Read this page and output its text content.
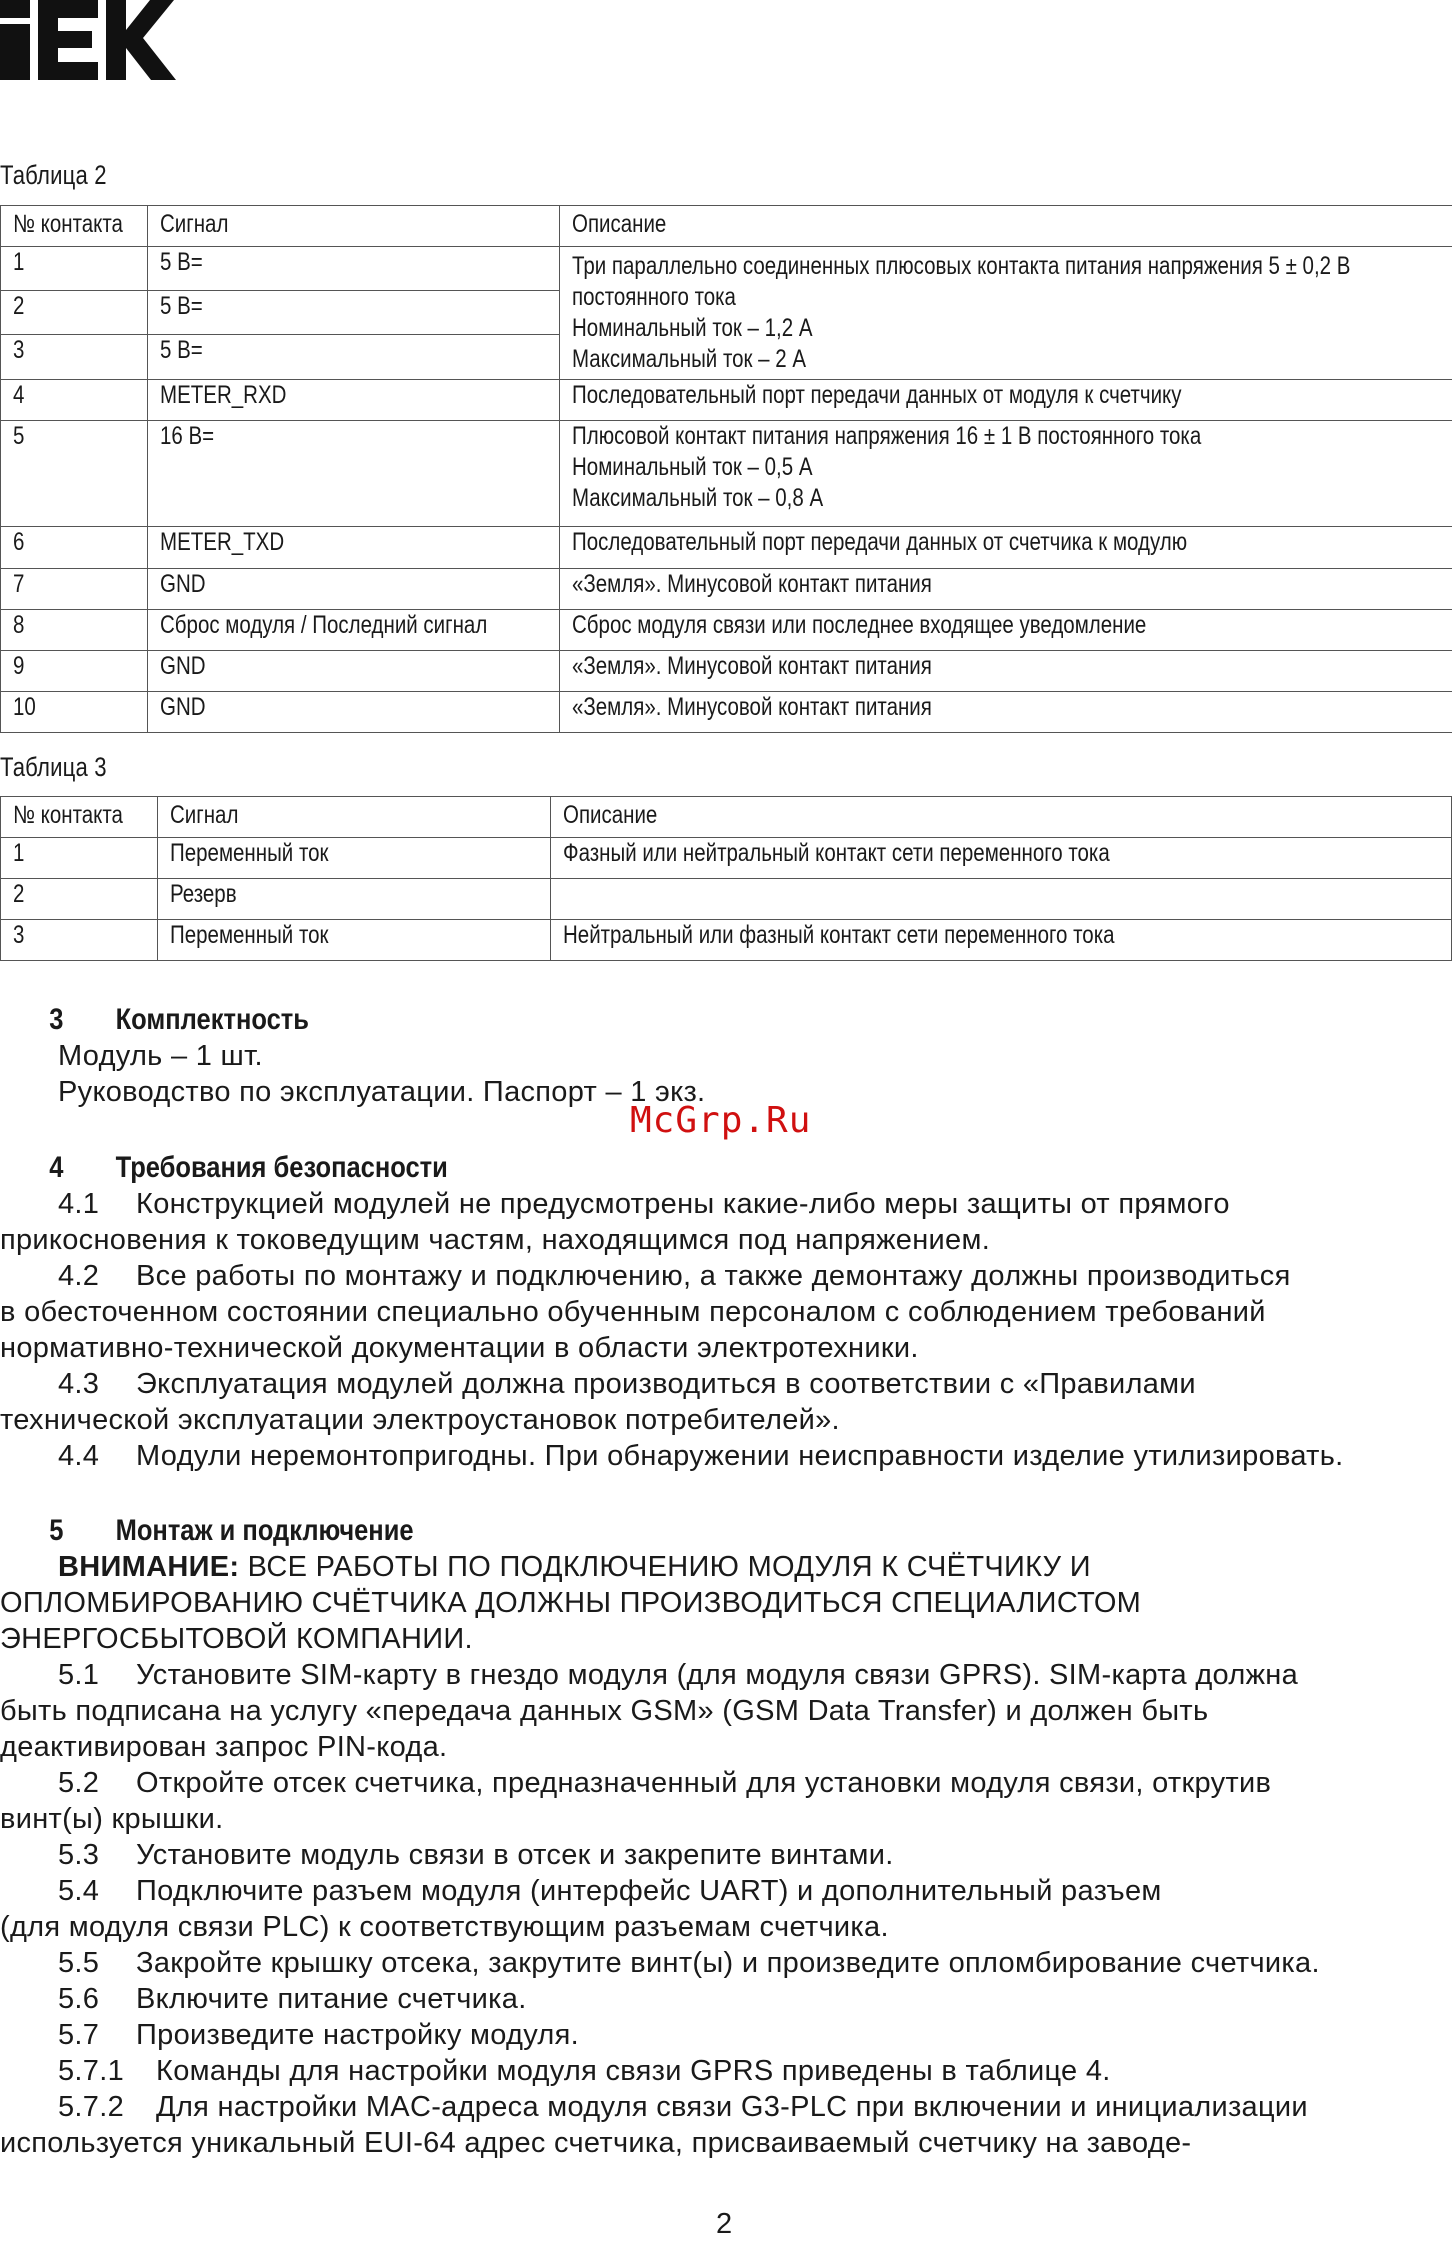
Таблица 2
№ контакта	Сигнал	Описание
1	5 В=	Три параллельно соединенных плюсовых контакта питания напряжения 5 ± 0,2 В
постоянного тока
Номинальный ток – 1,2 А
Максимальный ток – 2 А
2	5 В=	
3	5 В=	
4	METER_RXD	Последовательный порт передачи данных от модуля к счетчику
5	16 В=	Плюсовой контакт питания напряжения 16 ± 1 В постоянного тока
Номинальный ток – 0,5 А
Максимальный ток – 0,8 А
6	METER_TXD	Последовательный порт передачи данных от счетчика к модулю
7	GND	«Земля». Минусовой контакт питания
8	Сброс модуля / Последний сигнал	Сброс модуля связи или последнее входящее уведомление
9	GND	«Земля». Минусовой контакт питания
10	GND	«Земля». Минусовой контакт питания
Таблица 3
№ контакта	Сигнал	Описание
1	Переменный ток	Фазный или нейтральный контакт сети переменного тока
2	Резерв	
3	Переменный ток	Нейтральный или фазный контакт сети переменного тока
3 Комплектность
Модуль – 1 шт.
Руководство по эксплуатации. Паспорт – 1 экз.
McGrp.Ru
4 Требования безопасности
4.1 Конструкцией модулей не предусмотрены какие-либо меры защиты от прямого
прикосновения к токоведущим частям, находящимся под напряжением.
4.2 Все работы по монтажу и подключению, а также демонтажу должны производиться
в обесточенном состоянии специально обученным персоналом с соблюдением требований
нормативно-технической документации в области электротехники.
4.3 Эксплуатация модулей должна производиться в соответствии с «Правилами
технической эксплуатации электроустановок потребителей».
4.4 Модули неремонтопригодны. При обнаружении неисправности изделие утилизировать.
5 Монтаж и подключение
ВНИМАНИЕ: ВСЕ РАБОТЫ ПО ПОДКЛЮЧЕНИЮ МОДУЛЯ К СЧЁТЧИКУ И
ОПЛОМБИРОВАНИЮ СЧЁТЧИКА ДОЛЖНЫ ПРОИЗВОДИТЬСЯ СПЕЦИАЛИСТОМ
ЭНЕРГОСБЫТОВОЙ КОМПАНИИ.
5.1 Установите SIM-карту в гнездо модуля (для модуля связи GPRS). SIM-карта должна
быть подписана на услугу «передача данных GSM» (GSM Data Transfer) и должен быть
деактивирован запрос PIN-кода.
5.2 Откройте отсек счетчика, предназначенный для установки модуля связи, открутив
винт(ы) крышки.
5.3 Установите модуль связи в отсек и закрепите винтами.
5.4 Подключите разъем модуля (интерфейс UART) и дополнительный разъем
(для модуля связи PLC) к соответствующим разъемам счетчика.
5.5 Закройте крышку отсека, закрутите винт(ы) и произведите опломбирование счетчика.
5.6 Включите питание счетчика.
5.7 Произведите настройку модуля.
5.7.1 Команды для настройки модуля связи GPRS приведены в таблице 4.
5.7.2 Для настройки MAC-адреса модуля связи G3-PLC при включении и инициализации
используется уникальный EUI-64 адрес счетчика, присваиваемый счетчику на заводе-
2
